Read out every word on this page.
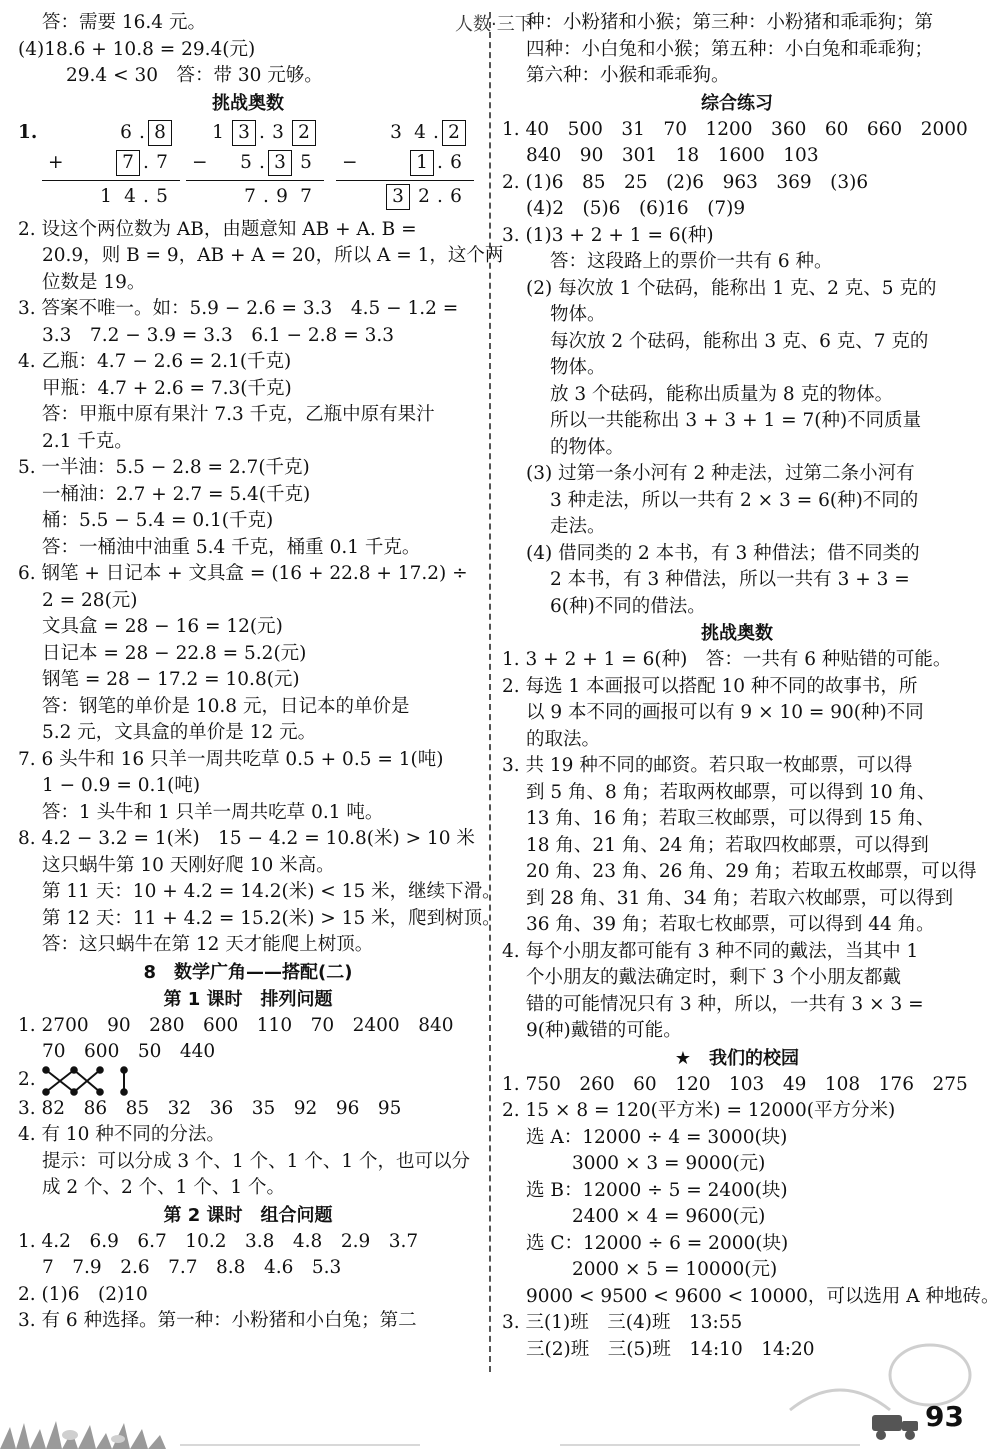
答：需要 16.4 元。
(4)18.6 + 10.8 = 29.4(元)
29.4 < 30　答：带 30 元够。
挑战奥数
1.	6 . 8
+	7 . 7
1 4 . 5
1 3 . 3 2
−	5 . 3 5
7 . 9 7
3 4 . 2
−	1 . 6
3 2 . 6
2. 设这个两位数为 AB，由题意知 AB + A. B =
20.9，则 B = 9，AB + A = 20，所以 A = 1，这个两
位数是 19。
3. 答案不唯一。如：5.9 − 2.6 = 3.3　4.5 − 1.2 =
3.3　7.2 − 3.9 = 3.3　6.1 − 2.8 = 3.3
4. 乙瓶：4.7 − 2.6 = 2.1(千克)
甲瓶：4.7 + 2.6 = 7.3(千克)
答：甲瓶中原有果汁 7.3 千克，乙瓶中原有果汁
2.1 千克。
5. 一半油：5.5 − 2.8 = 2.7(千克)
一桶油：2.7 + 2.7 = 5.4(千克)
桶：5.5 − 5.4 = 0.1(千克)
答：一桶油中油重 5.4 千克，桶重 0.1 千克。
6. 钢笔 + 日记本 + 文具盒 = (16 + 22.8 + 17.2) ÷
2 = 28(元)
文具盒 = 28 − 16 = 12(元)
日记本 = 28 − 22.8 = 5.2(元)
钢笔 = 28 − 17.2 = 10.8(元)
答：钢笔的单价是 10.8 元，日记本的单价是
5.2 元，文具盒的单价是 12 元。
7. 6 头牛和 16 只羊一周共吃草 0.5 + 0.5 = 1(吨)
1 − 0.9 = 0.1(吨)
答：1 头牛和 1 只羊一周共吃草 0.1 吨。
8. 4.2 − 3.2 = 1(米)　15 − 4.2 = 10.8(米) > 10 米
这只蜗牛第 10 天刚好爬 10 米高。
第 11 天：10 + 4.2 = 14.2(米) < 15 米，继续下滑。
第 12 天：11 + 4.2 = 15.2(米) > 15 米，爬到树顶。
答：这只蜗牛在第 12 天才能爬上树顶。
8　数学广角——搭配(二)
第 1 课时　排列问题
1. 2700　90　280　600　110　70　2400　840
70　600　50　440
2.
3. 82　86　85　32　36　35　92　96　95
4. 有 10 种不同的分法。
提示：可以分成 3 个、1 个、1 个、1 个，也可以分
成 2 个、2 个、1 个、1 个。
第 2 课时　组合问题
1. 4.2　6.9　6.7　10.2　3.8　4.8　2.9　3.7
7　7.9　2.6　7.7　8.8　4.6　5.3
2. (1)6　(2)10
3. 有 6 种选择。第一种：小粉猪和小白兔；第二
种：小粉猪和小猴；第三种：小粉猪和乖乖狗；第
四种：小白兔和小猴；第五种：小白兔和乖乖狗；
第六种：小猴和乖乖狗。
综合练习
1. 40　500　31　70　1200　360　60　660　2000
840　90　301　18　1600　103
2. (1)6　85　25　(2)6　963　369　(3)6
(4)2　(5)6　(6)16　(7)9
3. (1)3 + 2 + 1 = 6(种)
答：这段路上的票价一共有 6 种。
(2) 每次放 1 个砝码，能称出 1 克、2 克、5 克的
物体。
每次放 2 个砝码，能称出 3 克、6 克、7 克的
物体。
放 3 个砝码，能称出质量为 8 克的物体。
所以一共能称出 3 + 3 + 1 = 7(种)不同质量
的物体。
(3) 过第一条小河有 2 种走法，过第二条小河有
3 种走法，所以一共有 2 × 3 = 6(种)不同的
走法。
(4) 借同类的 2 本书，有 3 种借法；借不同类的
2 本书，有 3 种借法，所以一共有 3 + 3 =
6(种)不同的借法。
挑战奥数
1. 3 + 2 + 1 = 6(种)　答：一共有 6 种贴错的可能。
2. 每选 1 本画报可以搭配 10 种不同的故事书，所
以 9 本不同的画报可以有 9 × 10 = 90(种)不同
的取法。
3. 共 19 种不同的邮资。若只取一枚邮票，可以得
到 5 角、8 角；若取两枚邮票，可以得到 10 角、
13 角、16 角；若取三枚邮票，可以得到 15 角、
18 角、21 角、24 角；若取四枚邮票，可以得到
20 角、23 角、26 角、29 角；若取五枚邮票，可以得
到 28 角、31 角、34 角；若取六枚邮票，可以得到
36 角、39 角；若取七枚邮票，可以得到 44 角。
4. 每个小朋友都可能有 3 种不同的戴法，当其中 1
个小朋友的戴法确定时，剩下 3 个小朋友都戴
错的可能情况只有 3 种，所以，一共有 3 × 3 =
9(种)戴错的可能。
★　我们的校园
1. 750　260　60　120　103　49　108　176　275
2. 15 × 8 = 120(平方米) = 12000(平方分米)
选 A：12000 ÷ 4 = 3000(块)
3000 × 3 = 9000(元)
选 B：12000 ÷ 5 = 2400(块)
2400 × 4 = 9600(元)
选 C：12000 ÷ 6 = 2000(块)
2000 × 5 = 10000(元)
9000 < 9500 < 9600 < 10000，可以选用 A 种地砖。
3. 三(1)班　三(4)班　13:55
三(2)班　三(5)班　14:10　14:20
人数·三下
93
